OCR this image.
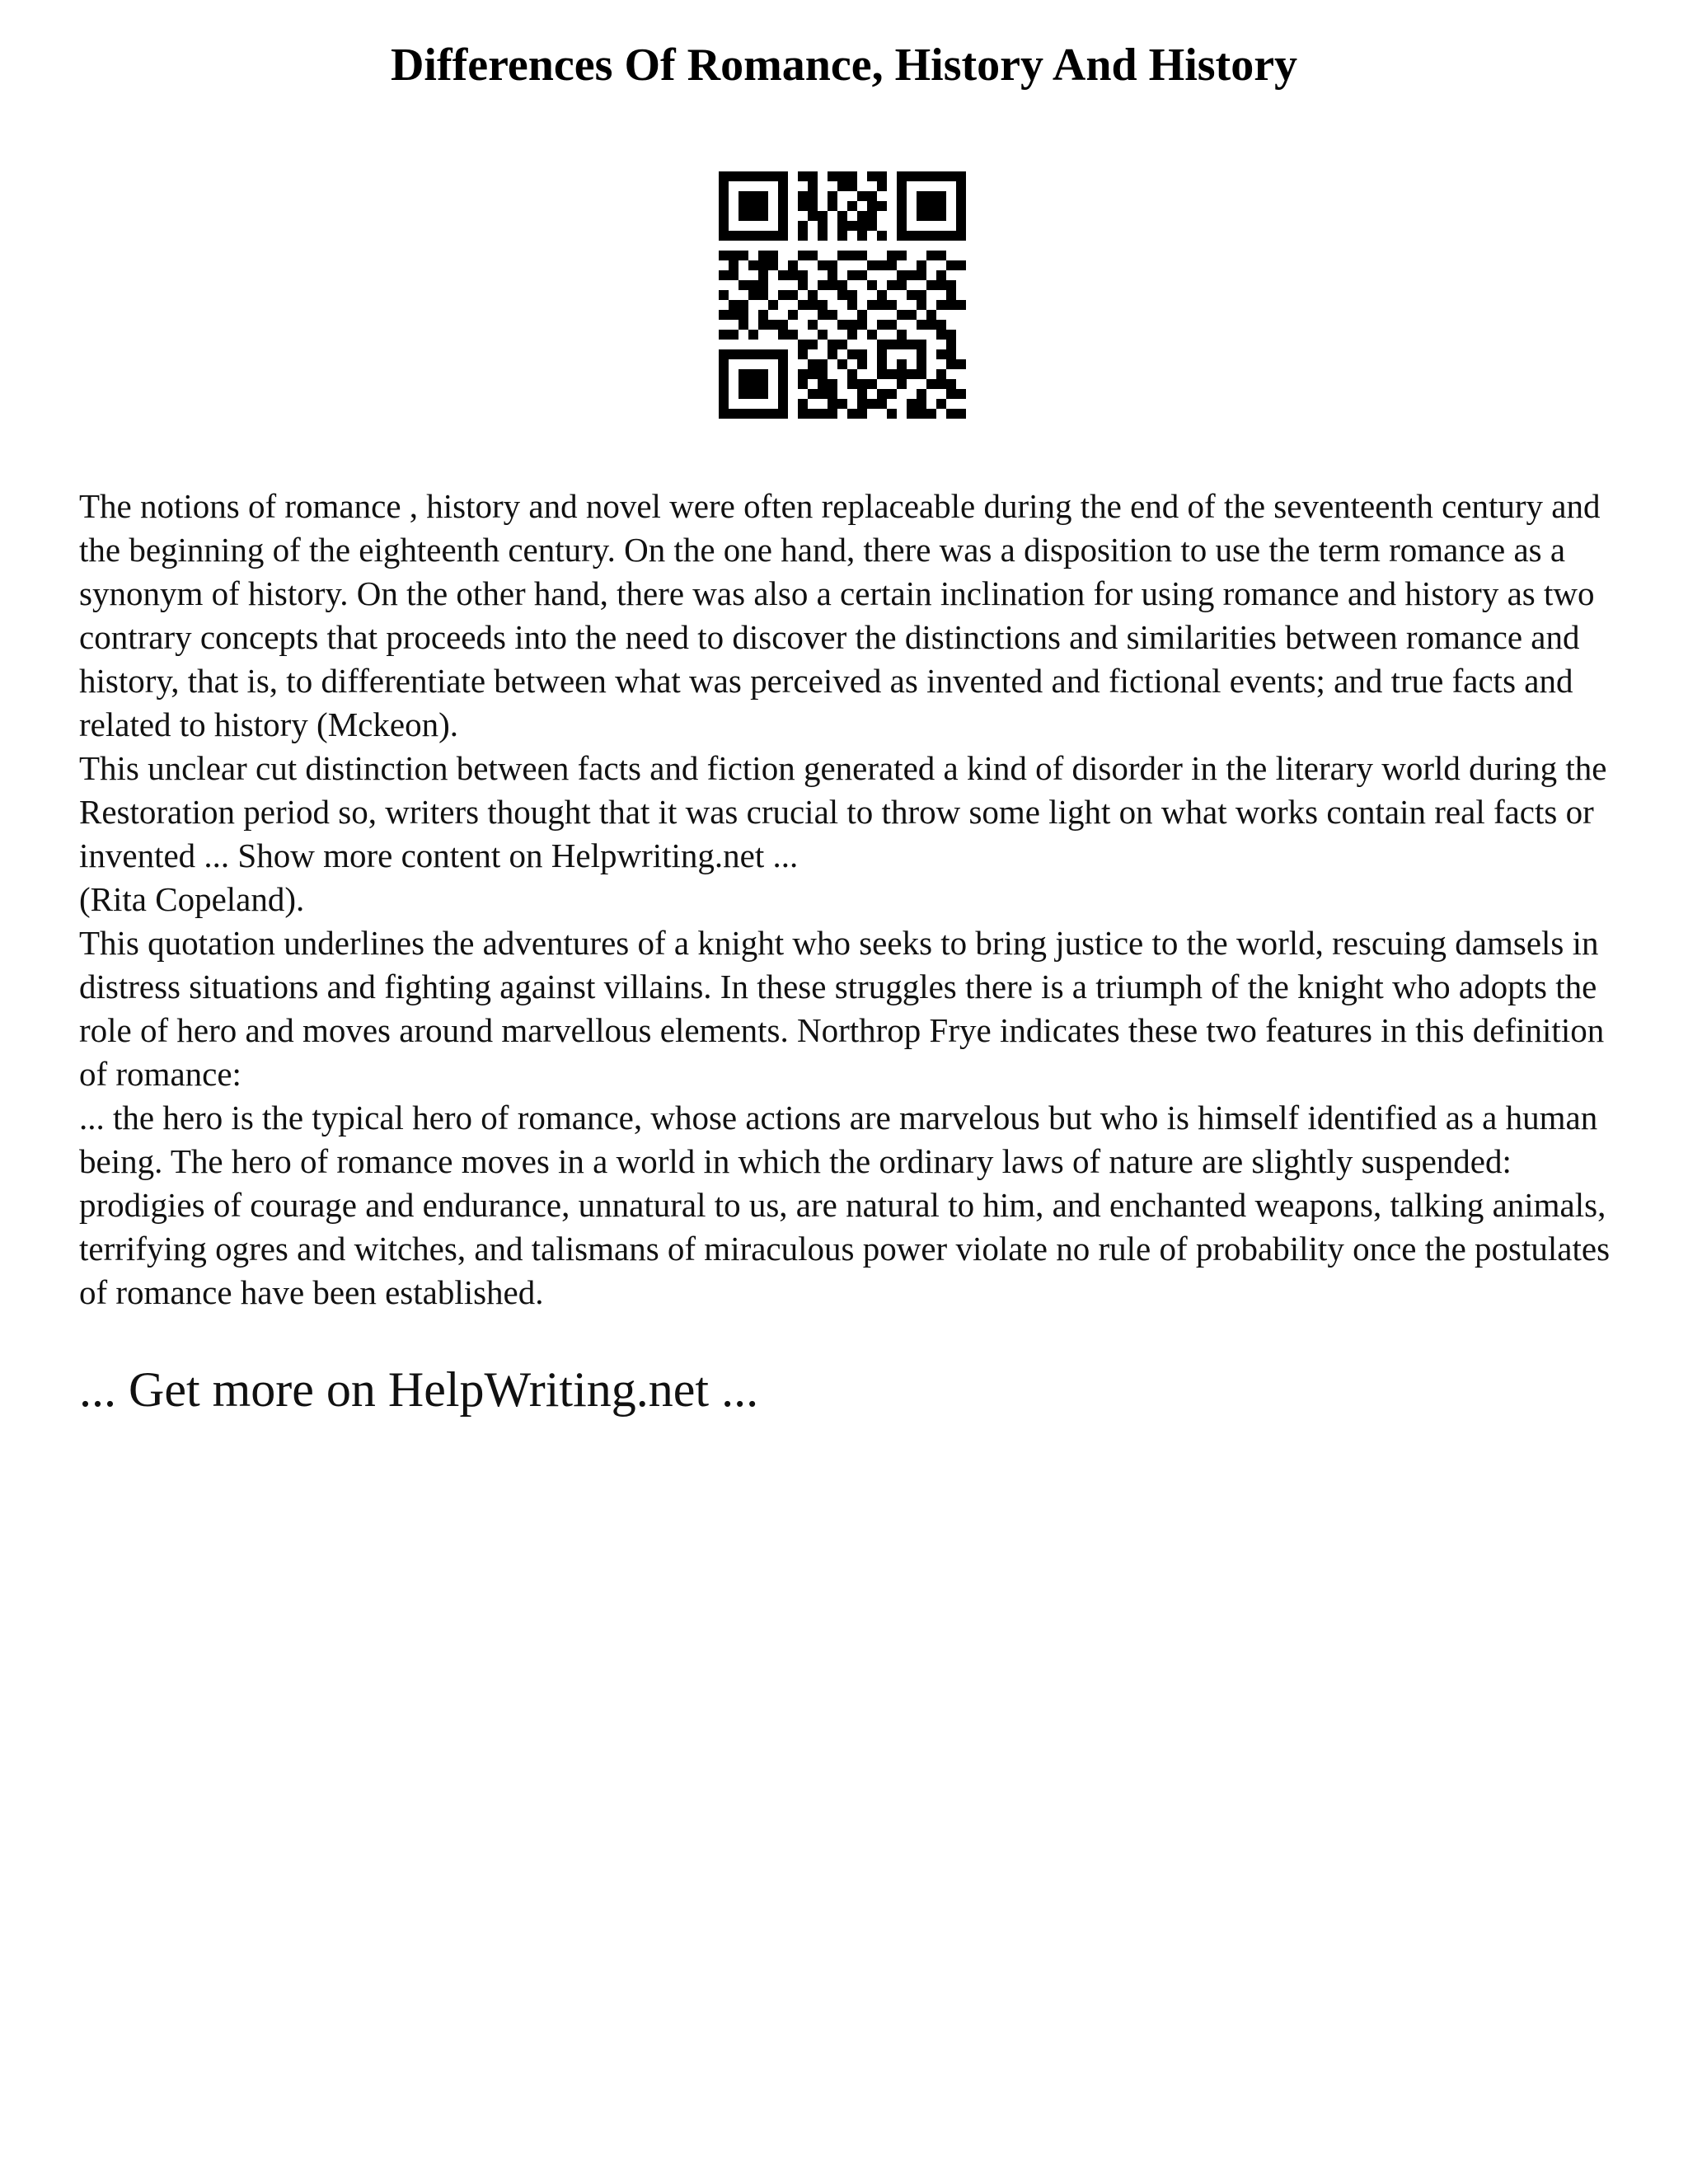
Differences Of Romance, History And History

The notions of romance , history and novel were often replaceable during the end of the seventeenth century and the beginning of the eighteenth century. On the one hand, there was a disposition to use the term romance as a synonym of history. On the other hand, there was also a certain inclination for using romance and history as two contrary concepts that proceeds into the need to discover the distinctions and similarities between romance and history, that is, to differentiate between what was perceived as invented and fictional events; and true facts and related to history (Mckeon).

This unclear cut distinction between facts and fiction generated a kind of disorder in the literary world during the Restoration period so, writers thought that it was crucial to throw some light on what works contain real facts or invented ... Show more content on Helpwriting.net ...

(Rita Copeland).

This quotation underlines the adventures of a knight who seeks to bring justice to the world, rescuing damsels in distress situations and fighting against villains. In these struggles there is a triumph of the knight who adopts the role of hero and moves around marvellous elements. Northrop Frye indicates these two features in this definition of romance:

... the hero is the typical hero of romance, whose actions are marvelous but who is himself identified as a human being. The hero of romance moves in a world in which the ordinary laws of nature are slightly suspended: prodigies of courage and endurance, unnatural to us, are natural to him, and enchanted weapons, talking animals, terrifying ogres and witches, and talismans of miraculous power violate no rule of probability once the postulates of romance have been established.

... Get more on HelpWriting.net ...
